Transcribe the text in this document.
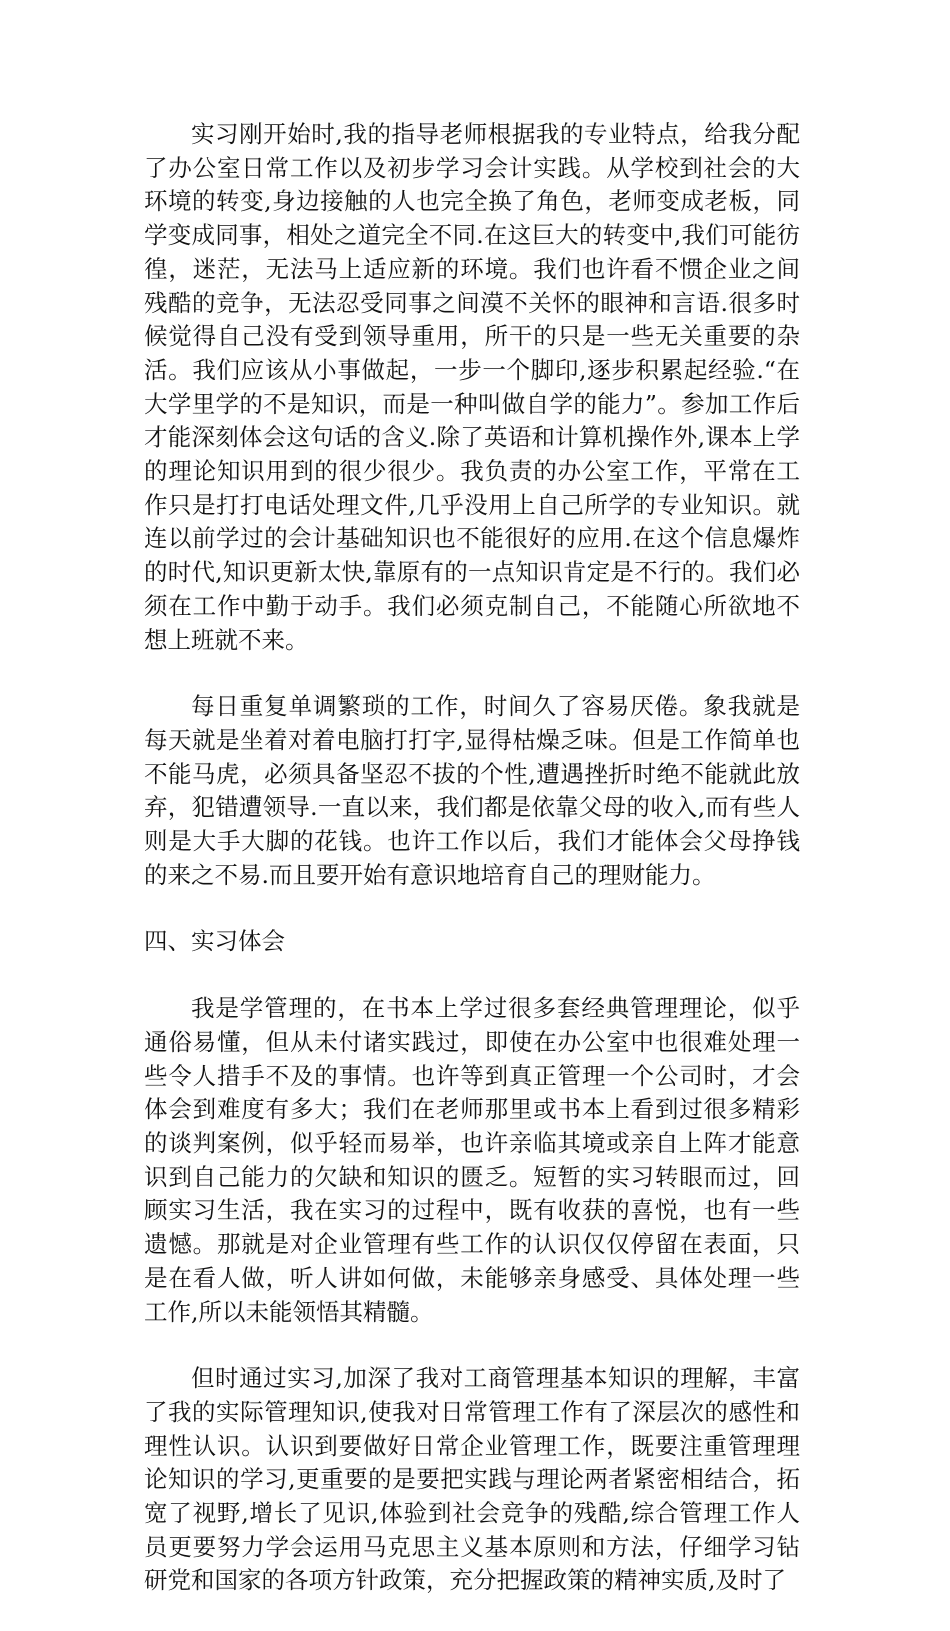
实习刚开始时,我的指导老师根据我的专业特点，给我分配了办公室日常工作以及初步学习会计实践。从学校到社会的大环境的转变,身边接触的人也完全换了角色，老师变成老板，同学变成同事，相处之道完全不同.在这巨大的转变中,我们可能彷徨，迷茫，无法马上适应新的环境。我们也许看不惯企业之间残酷的竞争，无法忍受同事之间漠不关怀的眼神和言语.很多时候觉得自己没有受到领导重用，所干的只是一些无关重要的杂活。我们应该从小事做起，一步一个脚印,逐步积累起经验.“在大学里学的不是知识，而是一种叫做自学的能力”。参加工作后才能深刻体会这句话的含义.除了英语和计算机操作外,课本上学的理论知识用到的很少很少。我负责的办公室工作，平常在工作只是打打电话处理文件,几乎没用上自己所学的专业知识。就连以前学过的会计基础知识也不能很好的应用.在这个信息爆炸的时代,知识更新太快,靠原有的一点知识肯定是不行的。我们必须在工作中勤于动手。我们必须克制自己，不能随心所欲地不想上班就不来。

每日重复单调繁琐的工作，时间久了容易厌倦。象我就是每天就是坐着对着电脑打打字,显得枯燥乏味。但是工作简单也不能马虎，必须具备坚忍不拔的个性,遭遇挫折时绝不能就此放弃，犯错遭领导.一直以来，我们都是依靠父母的收入,而有些人则是大手大脚的花钱。也许工作以后，我们才能体会父母挣钱的来之不易.而且要开始有意识地培育自己的理财能力。

四、实习体会

我是学管理的，在书本上学过很多套经典管理理论，似乎通俗易懂，但从未付诸实践过，即使在办公室中也很难处理一些令人措手不及的事情。也许等到真正管理一个公司时，才会体会到难度有多大；我们在老师那里或书本上看到过很多精彩的谈判案例，似乎轻而易举，也许亲临其境或亲自上阵才能意识到自己能力的欠缺和知识的匮乏。短暂的实习转眼而过，回顾实习生活，我在实习的过程中，既有收获的喜悦，也有一些遗憾。那就是对企业管理有些工作的认识仅仅停留在表面，只是在看人做，听人讲如何做，未能够亲身感受、具体处理一些工作,所以未能领悟其精髓。

但时通过实习,加深了我对工商管理基本知识的理解，丰富了我的实际管理知识,使我对日常管理工作有了深层次的感性和理性认识。认识到要做好日常企业管理工作，既要注重管理理论知识的学习,更重要的是要把实践与理论两者紧密相结合，拓宽了视野,增长了见识,体验到社会竞争的残酷,综合管理工作人员更要努力学会运用马克思主义基本原则和方法，仔细学习钻研党和国家的各项方针政策，充分把握政策的精神实质,及时了
